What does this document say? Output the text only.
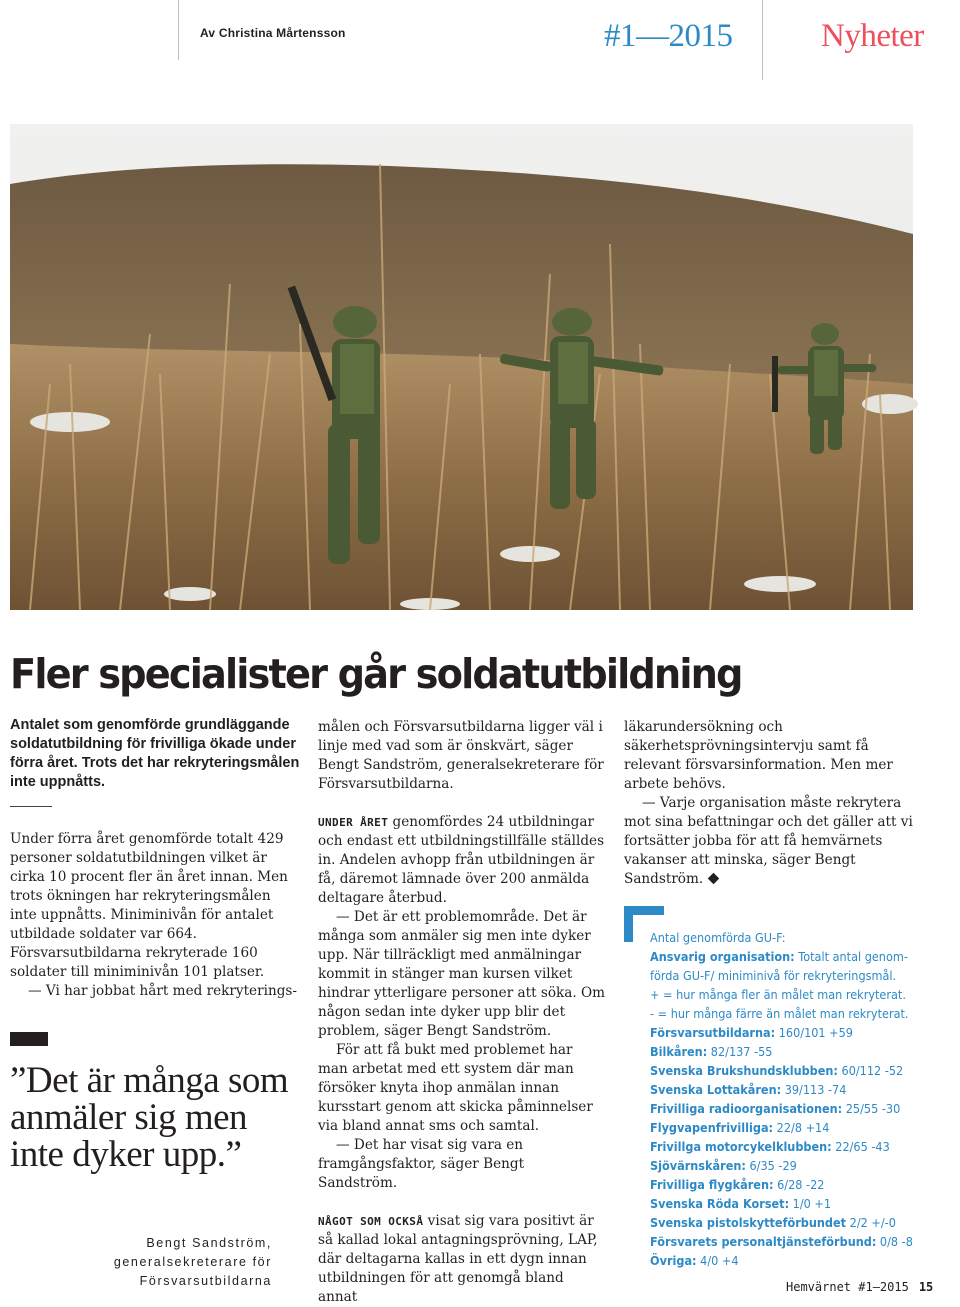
Av Christina Mårtensson	#1—2015	Nyheter
Fler specialister går soldatutbildning
Antalet som genomförde grundläggande soldatutbildning för frivilliga ökade under förra året. Trots det har rekryteringsmålen inte uppnåtts.

Under förra året genomförde totalt 429 personer soldatutbildningen vilket är cirka 10 procent fler än året innan. Men trots ökningen har rekryteringsmålen inte uppnåtts. Miniminivån för antalet utbildade soldater var 664. Försvarsutbildarna rekryterade 160 soldater till miniminivån 101 platser.

— Vi har jobbat hårt med rekryterings-

”Det är många som anmäler sig men inte dyker upp.”
Bengt Sandström, generalsekreterare för Försvarsutbildarna

målen och Försvarsutbildarna ligger väl i linje med vad som är önskvärt, säger Bengt Sandström, generalsekreterare för Försvarsutbildarna.

UNDER ÅRET genomfördes 24 utbildningar och endast ett utbildningstillfälle ställdes in. Andelen avhopp från utbildningen är få, däremot lämnade över 200 anmälda deltagare återbud.

— Det är ett problemområde. Det är många som anmäler sig men inte dyker upp. När tillräckligt med anmälningar kommit in stänger man kursen vilket hindrar ytterligare personer att söka. Om någon sedan inte dyker upp blir det problem, säger Bengt Sandström.

För att få bukt med problemet har man arbetat med ett system där man försöker knyta ihop anmälan innan kursstart genom att skicka påminnelser via bland annat sms och samtal.

— Det har visat sig vara en framgångsfaktor, säger Bengt Sandström.

NÅGOT SOM OCKSÅ visat sig vara positivt är så kallad lokal antagningsprövning, LAP, där deltagarna kallas in ett dygn innan utbildningen för att genomgå bland annat

läkarundersökning och säkerhetsprövningsintervju samt få relevant försvarsinformation. Men mer arbete behövs.

— Varje organisation måste rekrytera mot sina befattningar och det gäller att vi fortsätter jobba för att få hemvärnets vakanser att minska, säger Bengt Sandström.

Antal genomförda GU-F:
Ansvarig organisation: Totalt antal genom-
förda GU-F/ miniminivå för rekryteringsmål.
+ = hur många fler än målet man rekryterat.
- = hur många färre än målet man rekryterat.
Försvarsutbildarna: 160/101 +59
Bilkåren: 82/137 -55
Svenska Brukshundsklubben: 60/112 -52
Svenska Lottakåren: 39/113 -74
Frivilliga radioorganisationen: 25/55 -30
Flygvapenfrivilliga: 22/8 +14
Frivillga motorcykelklubben: 22/65 -43
Sjövärnskåren: 6/35 -29
Frivilliga flygkåren: 6/28 -22
Svenska Röda Korset: 1/0 +1
Svenska pistolskytteförbundet 2/2 +/-0
Försvarets personaltjänsteförbund: 0/8 -8
Övriga: 4/0 +4
Hemvärnet #1—2015 15
